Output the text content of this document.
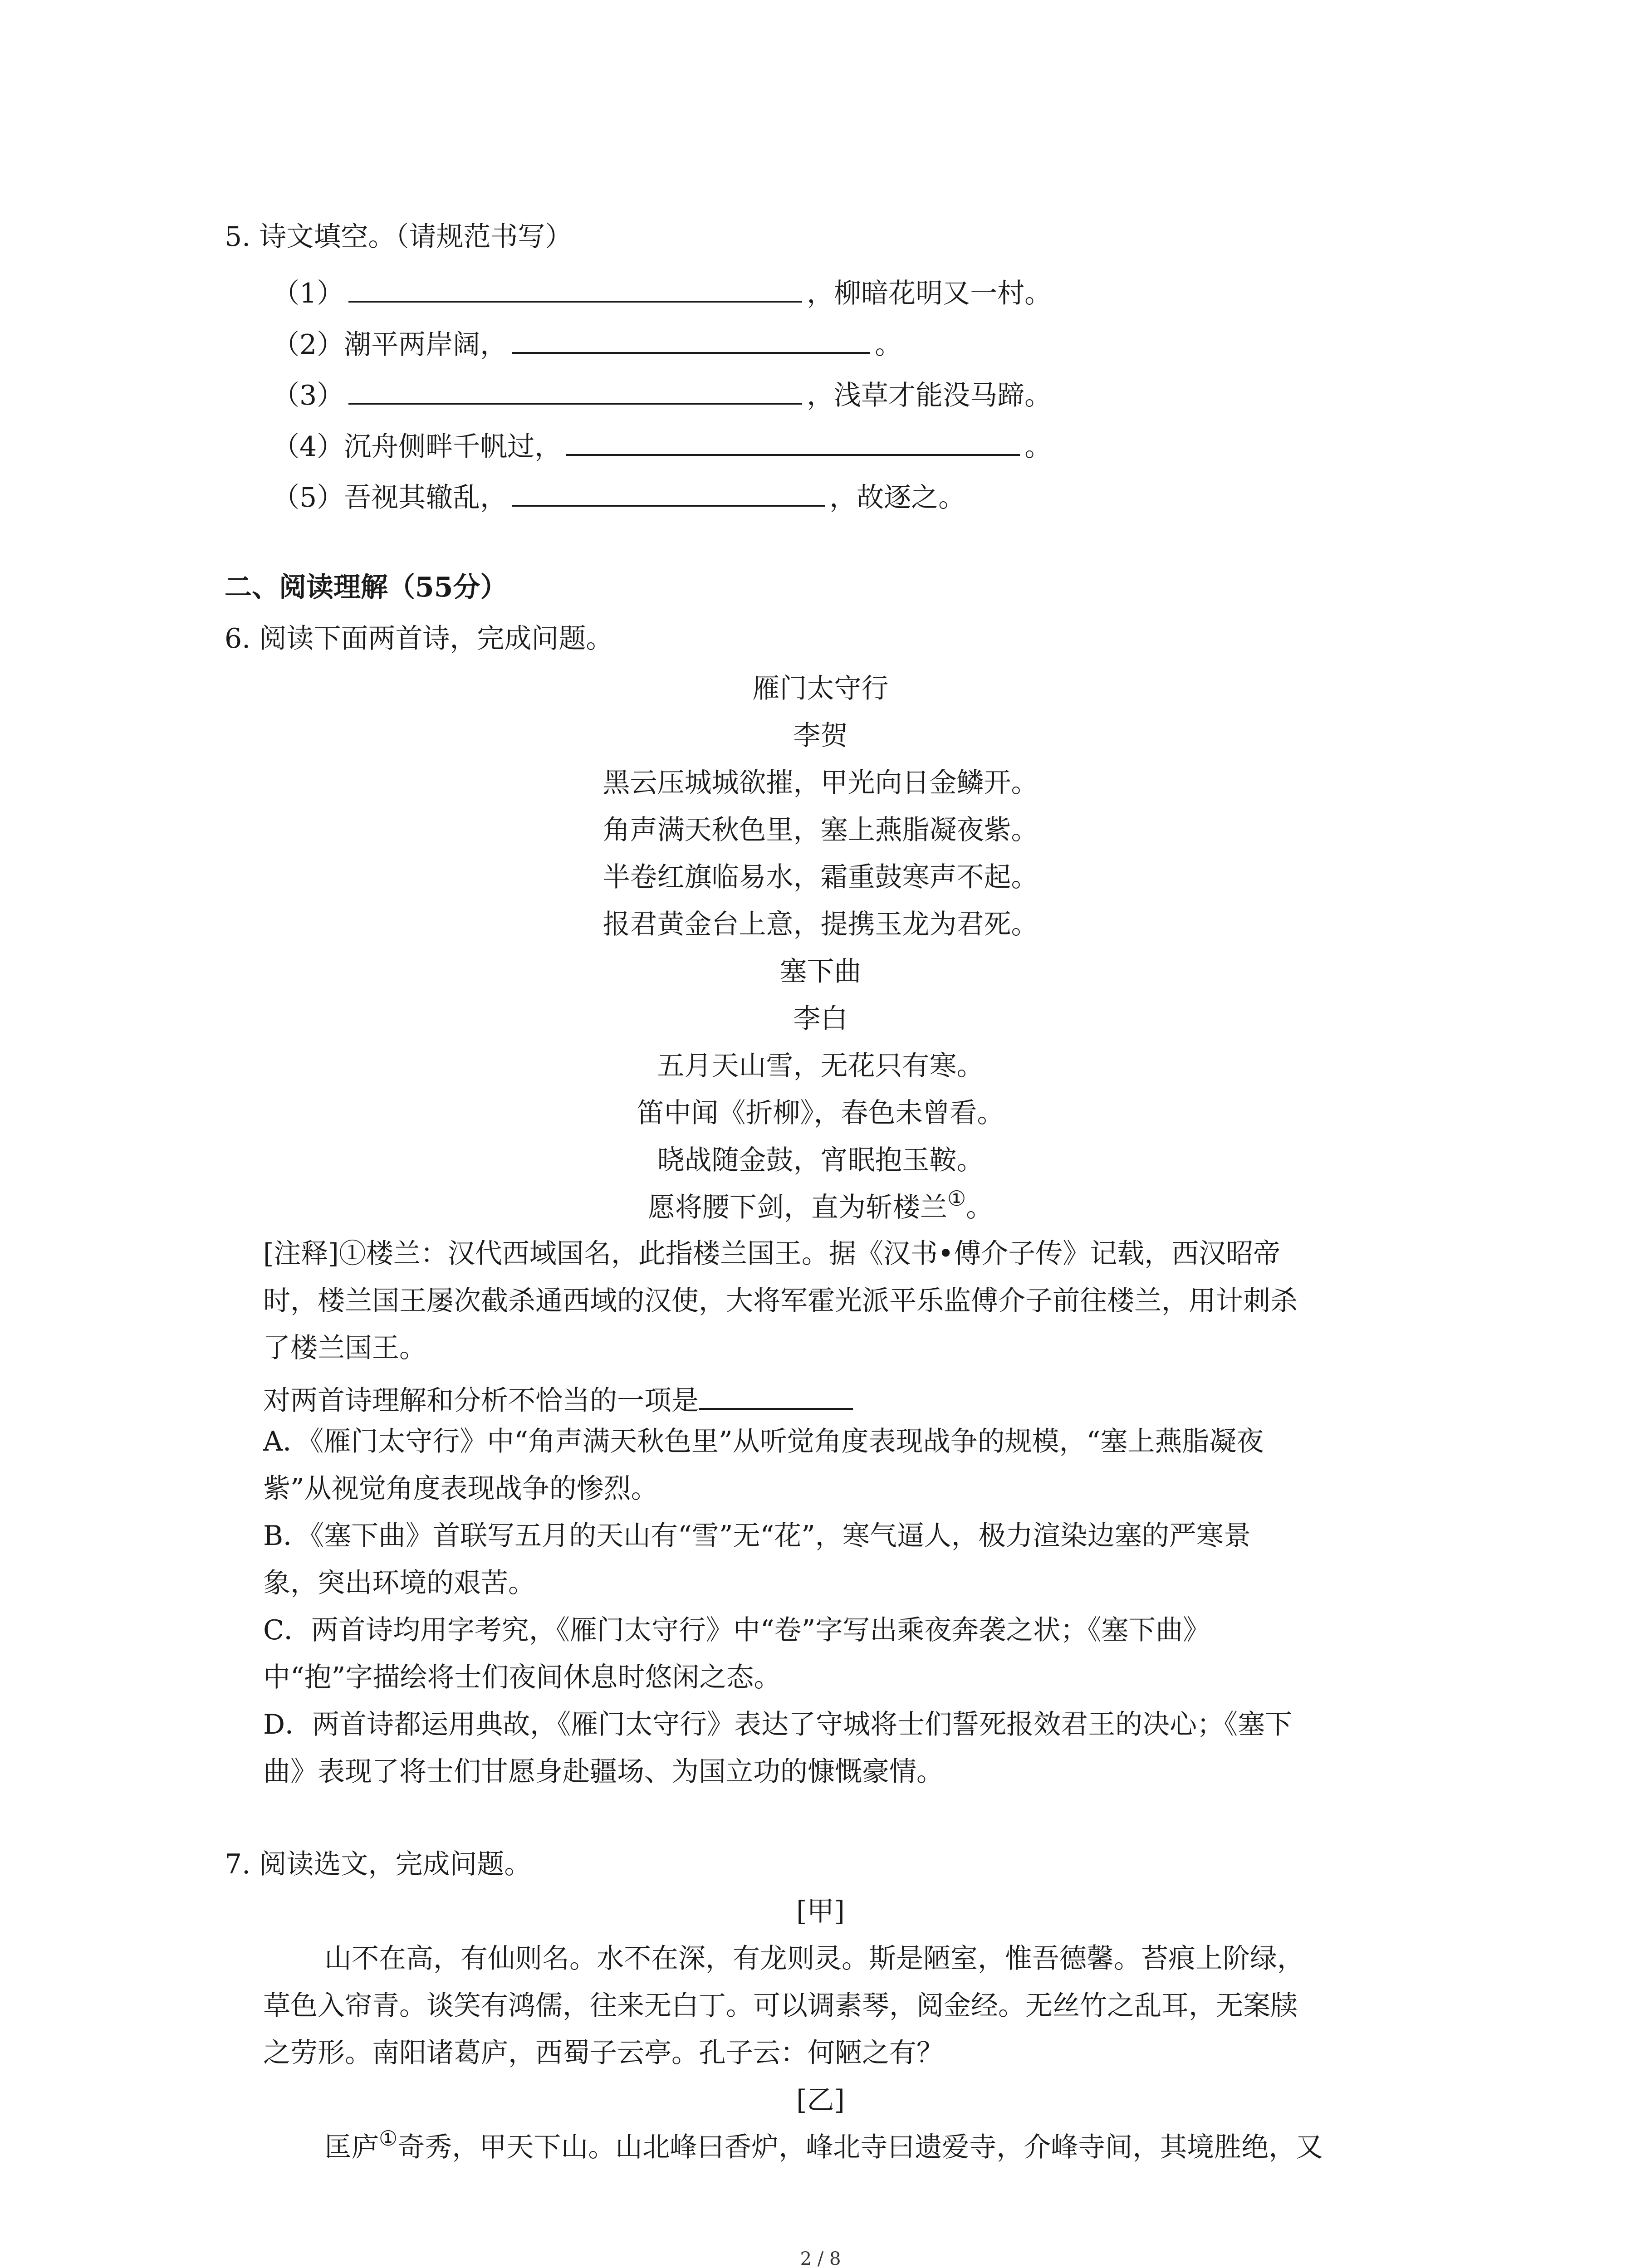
5. 诗文填空。（请规范书写）
（1）	，柳暗花明又一村。
（2）潮平两岸阔，	。
（3）	，浅草才能没马蹄。
（4）沉舟侧畔千帆过，	。
（5）吾视其辙乱，	，故逐之。
二、阅读理解（55分）
6. 阅读下面两首诗，完成问题。
雁门太守行
李贺
黑云压城城欲摧，甲光向日金鳞开。
角声满天秋色里，塞上燕脂凝夜紫。
半卷红旗临易水，霜重鼓寒声不起。
报君黄金台上意，提携玉龙为君死。
塞下曲
李白
五月天山雪，无花只有寒。
笛中闻《折柳》，春色未曾看。
晓战随金鼓，宵眠抱玉鞍。
愿将腰下剑，直为斩楼兰①。
[注释]①楼兰：汉代西域国名，此指楼兰国王。据《汉书•傅介子传》记载，西汉昭帝
时，楼兰国王屡次截杀通西域的汉使，大将军霍光派平乐监傅介子前往楼兰，用计刺杀
了楼兰国王。
对两首诗理解和分析不恰当的一项是
A．《雁门太守行》中“角声满天秋色里”从听觉角度表现战争的规模，“塞上燕脂凝夜
紫”从视觉角度表现战争的惨烈。
B．《塞下曲》首联写五月的天山有“雪”无“花”，寒气逼人，极力渲染边塞的严寒景
象，突出环境的艰苦。
C．两首诗均用字考究，《雁门太守行》中“卷”字写出乘夜奔袭之状；《塞下曲》
中“抱”字描绘将士们夜间休息时悠闲之态。
D．两首诗都运用典故，《雁门太守行》表达了守城将士们誓死报效君王的决心；《塞下
曲》表现了将士们甘愿身赴疆场、为国立功的慷慨豪情。
7. 阅读选文，完成问题。
[甲]
山不在高，有仙则名。水不在深，有龙则灵。斯是陋室，惟吾德馨。苔痕上阶绿，
草色入帘青。谈笑有鸿儒，往来无白丁。可以调素琴，阅金经。无丝竹之乱耳，无案牍
之劳形。南阳诸葛庐，西蜀子云亭。孔子云：何陋之有？
[乙]
匡庐①奇秀，甲天下山。山北峰曰香炉，峰北寺曰遗爱寺，介峰寺间，其境胜绝，又
2 / 8
